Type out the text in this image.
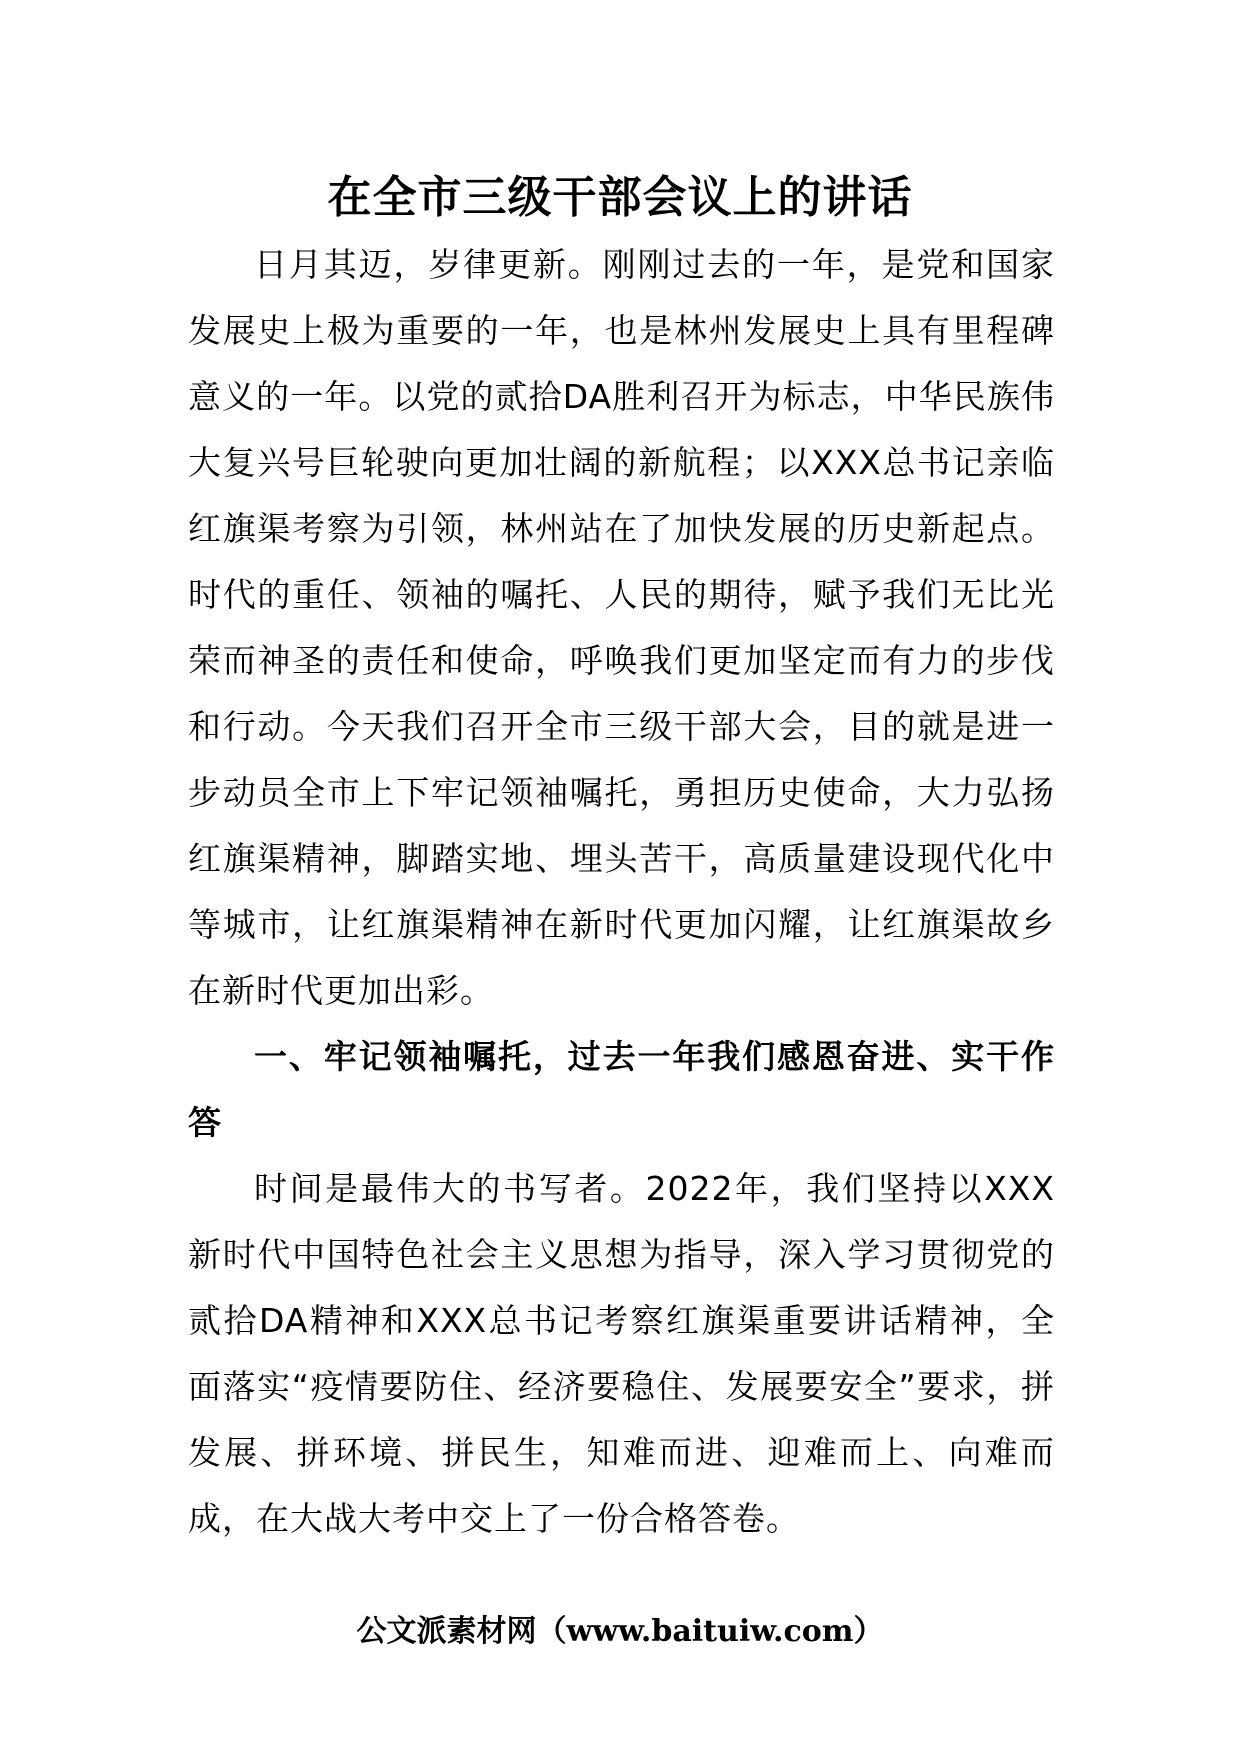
在全市三级干部会议上的讲话

日月其迈，岁律更新。刚刚过去的一年，是党和国家发展史上极为重要的一年，也是林州发展史上具有里程碑意义的一年。以党的贰拾DA胜利召开为标志，中华民族伟大复兴号巨轮驶向更加壮阔的新航程；以XXX总书记亲临红旗渠考察为引领，林州站在了加快发展的历史新起点。时代的重任、领袖的嘱托、人民的期待，赋予我们无比光荣而神圣的责任和使命，呼唤我们更加坚定而有力的步伐和行动。今天我们召开全市三级干部大会，目的就是进一步动员全市上下牢记领袖嘱托，勇担历史使命，大力弘扬红旗渠精神，脚踏实地、埋头苦干，高质量建设现代化中等城市，让红旗渠精神在新时代更加闪耀，让红旗渠故乡在新时代更加出彩。

一、牢记领袖嘱托，过去一年我们感恩奋进、实干作答

时间是最伟大的书写者。2022年，我们坚持以XXX新时代中国特色社会主义思想为指导，深入学习贯彻党的贰拾DA精神和XXX总书记考察红旗渠重要讲话精神，全面落实“疫情要防住、经济要稳住、发展要安全”要求，拼发展、拼环境、拼民生，知难而进、迎难而上、向难而成，在大战大考中交上了一份合格答卷。

公文派素材网（www.baituiw.com）
